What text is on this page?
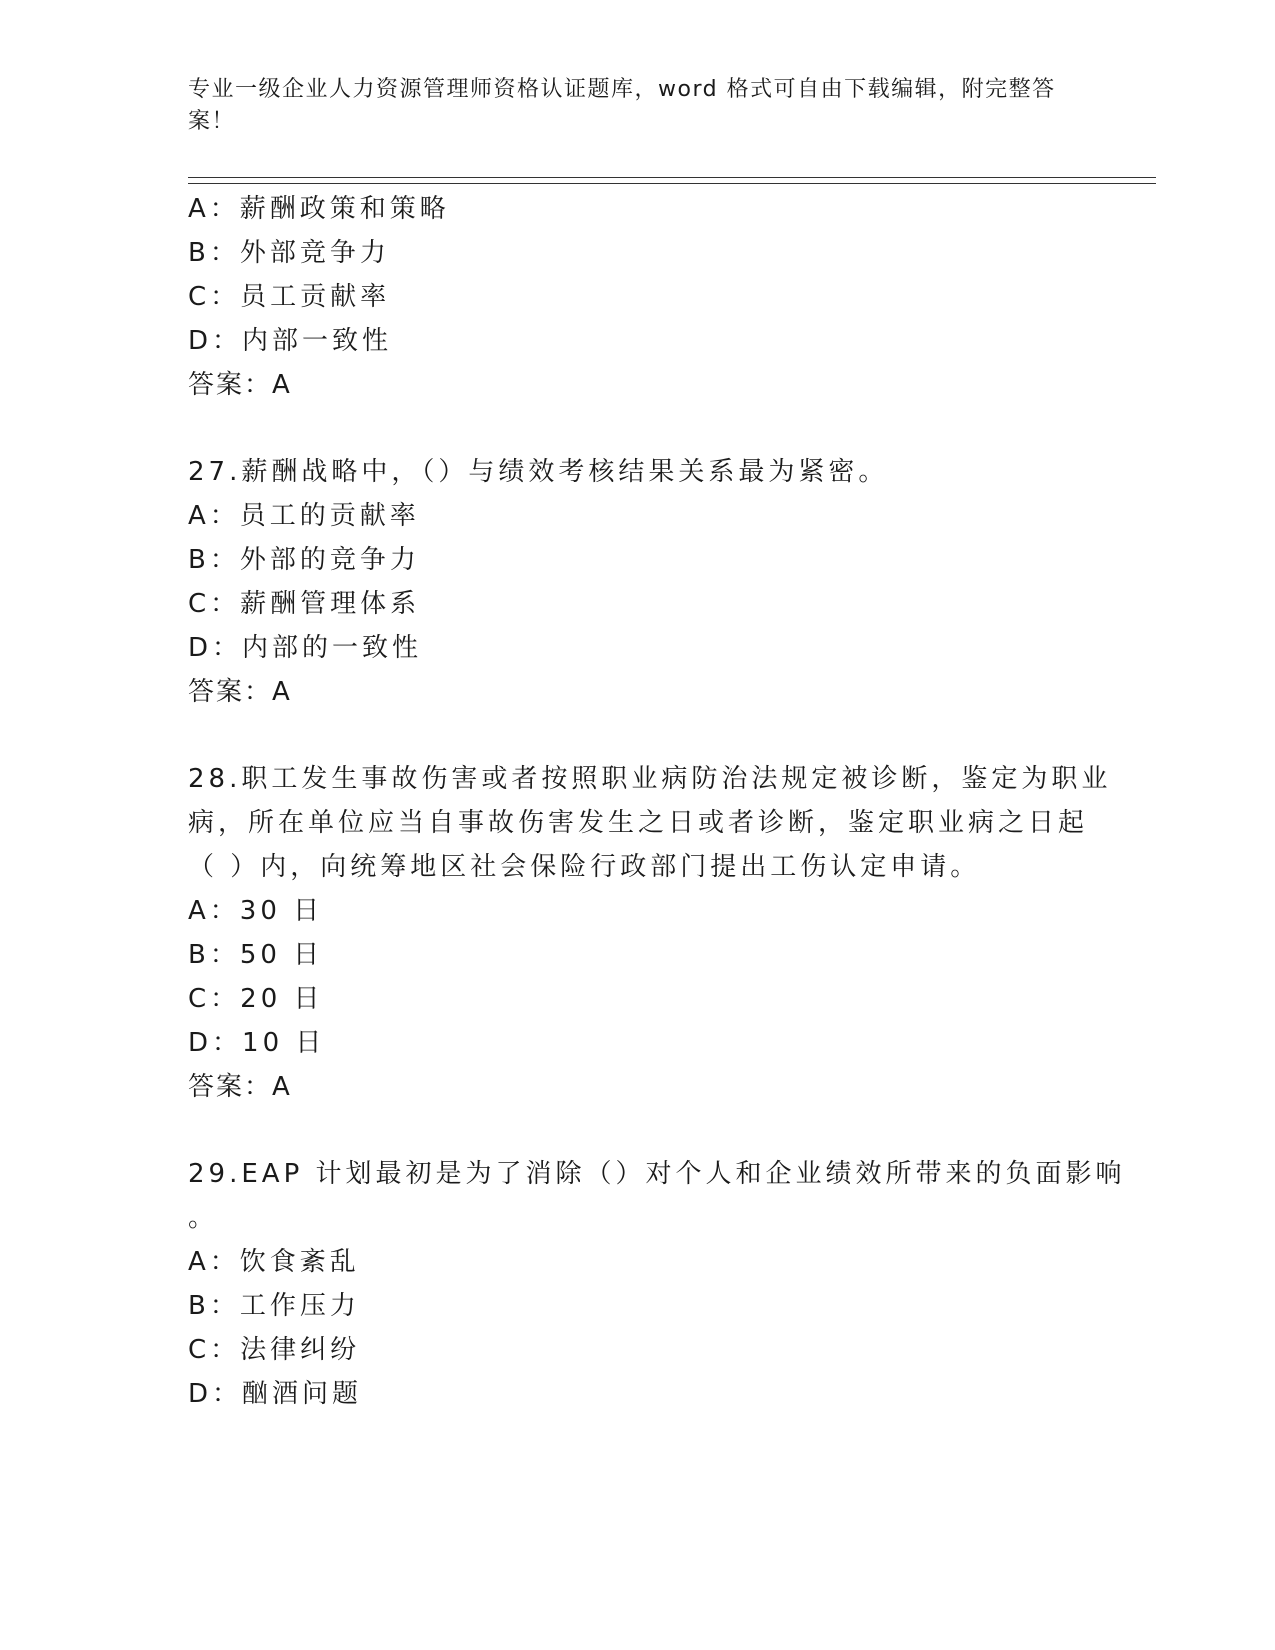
专业一级企业人力资源管理师资格认证题库，word 格式可自由下载编辑，附完整答案！
A：薪酬政策和策略
B：外部竞争力
C：员工贡献率
D：内部一致性
答案：A
27.薪酬战略中，（）与绩效考核结果关系最为紧密。
A：员工的贡献率
B：外部的竞争力
C：薪酬管理体系
D：内部的一致性
答案：A
28.职工发生事故伤害或者按照职业病防治法规定被诊断，鉴定为职业
病，所在单位应当自事故伤害发生之日或者诊断，鉴定职业病之日起
（ ）内，向统筹地区社会保险行政部门提出工伤认定申请。
A：30 日
B：50 日
C：20 日
D：10 日
答案：A
29.EAP 计划最初是为了消除（）对个人和企业绩效所带来的负面影响
。
A：饮食紊乱
B：工作压力
C：法律纠纷
D：酗酒问题
